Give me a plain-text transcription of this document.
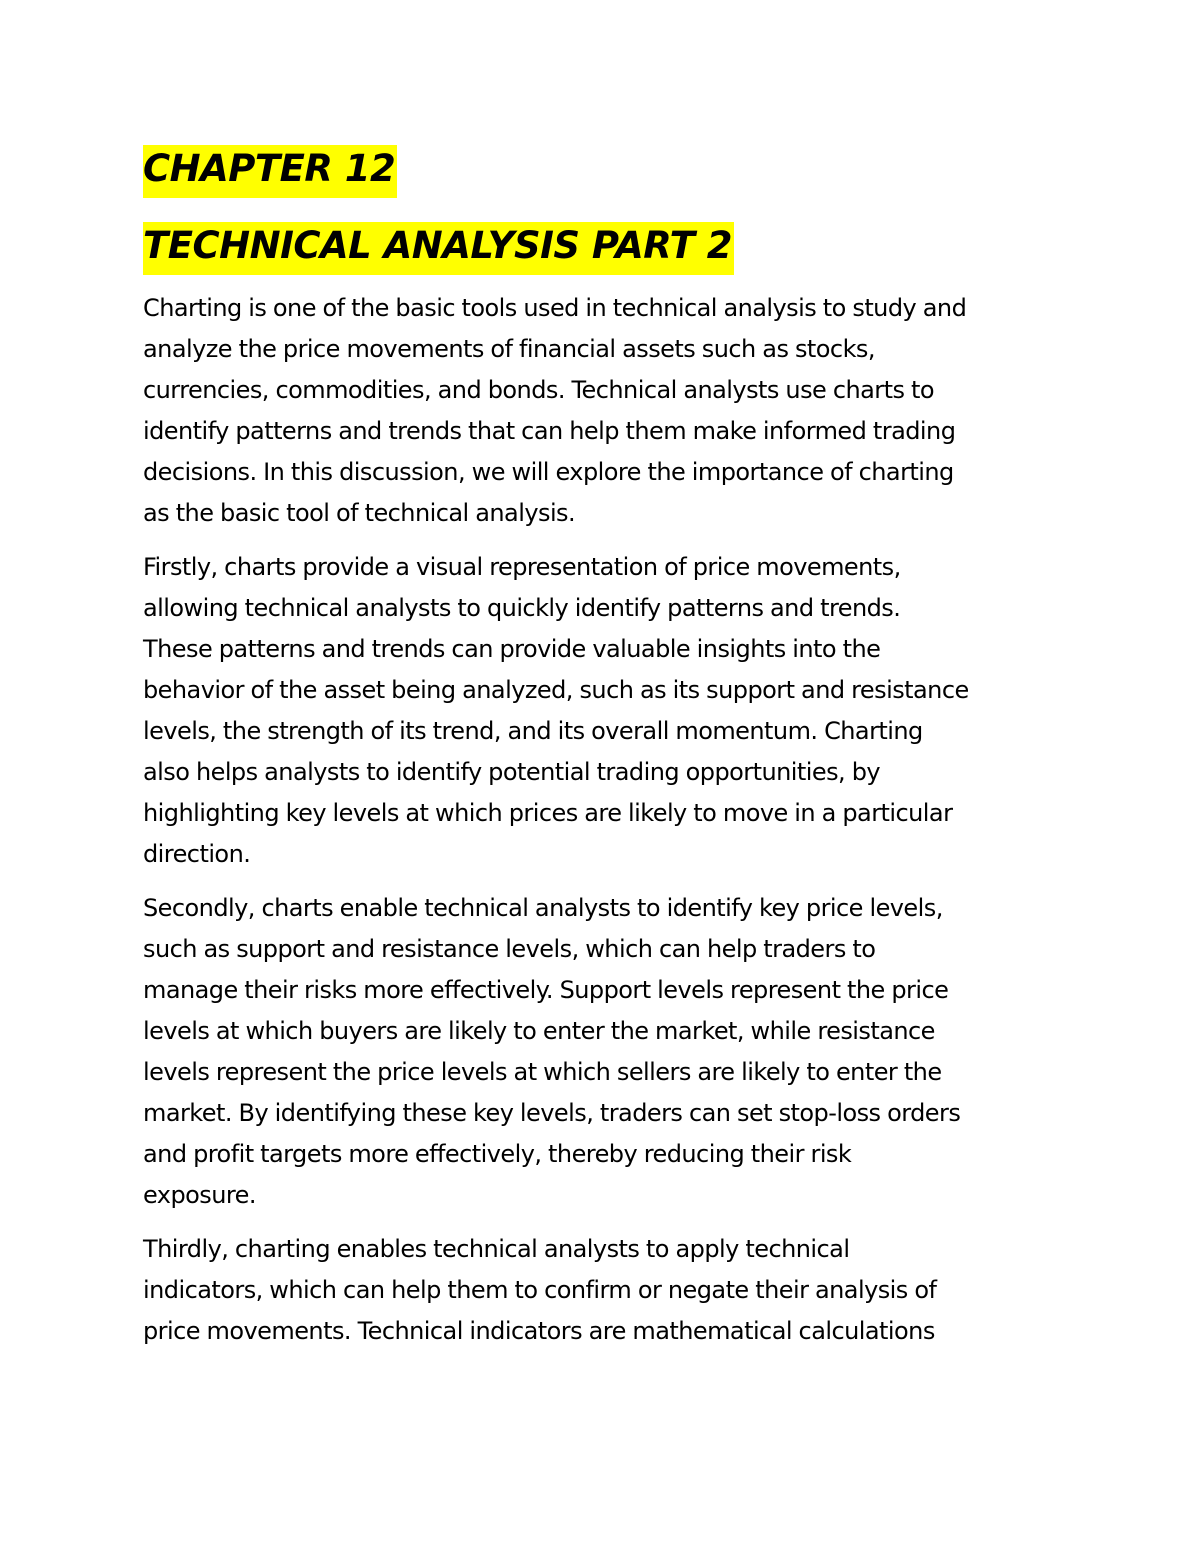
CHAPTER 12
TECHNICAL ANALYSIS PART 2

Charting is one of the basic tools used in technical analysis to study and
analyze the price movements of financial assets such as stocks,
currencies, commodities, and bonds. Technical analysts use charts to
identify patterns and trends that can help them make informed trading
decisions. In this discussion, we will explore the importance of charting
as the basic tool of technical analysis.

Firstly, charts provide a visual representation of price movements,
allowing technical analysts to quickly identify patterns and trends.
These patterns and trends can provide valuable insights into the
behavior of the asset being analyzed, such as its support and resistance
levels, the strength of its trend, and its overall momentum. Charting
also helps analysts to identify potential trading opportunities, by
highlighting key levels at which prices are likely to move in a particular
direction.

Secondly, charts enable technical analysts to identify key price levels,
such as support and resistance levels, which can help traders to
manage their risks more effectively. Support levels represent the price
levels at which buyers are likely to enter the market, while resistance
levels represent the price levels at which sellers are likely to enter the
market. By identifying these key levels, traders can set stop-loss orders
and profit targets more effectively, thereby reducing their risk
exposure.

Thirdly, charting enables technical analysts to apply technical
indicators, which can help them to confirm or negate their analysis of
price movements. Technical indicators are mathematical calculations
